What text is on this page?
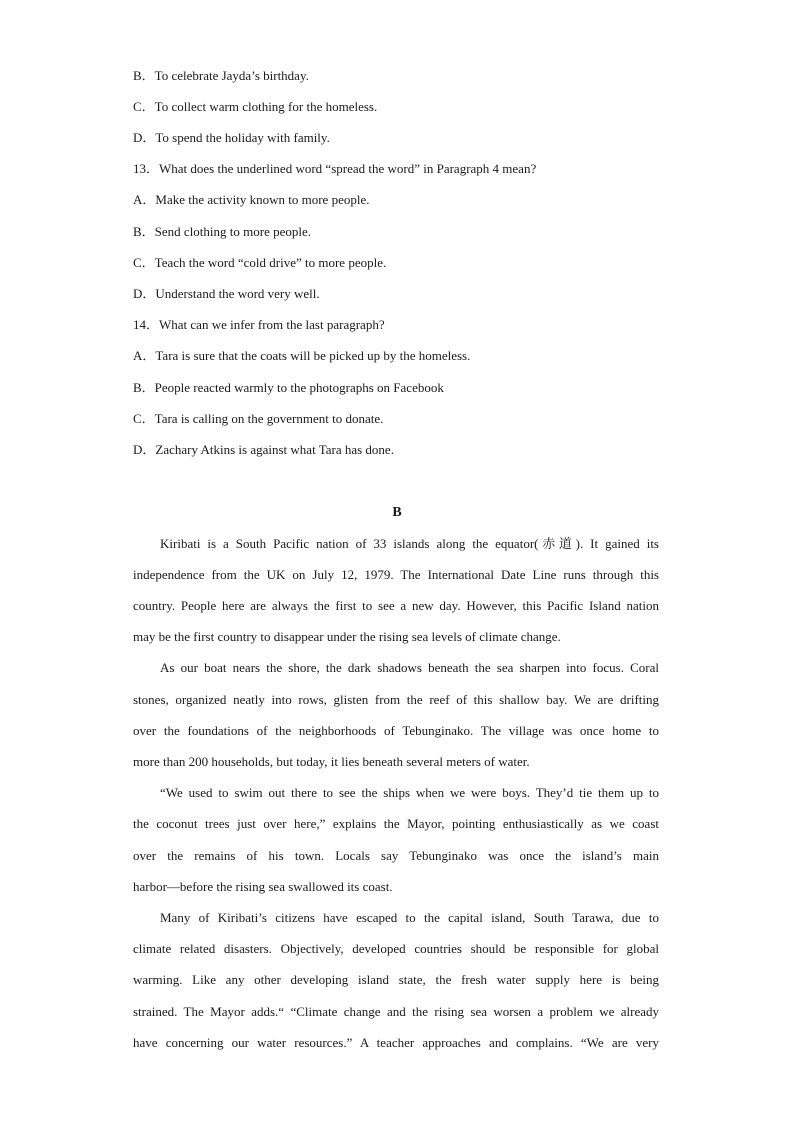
B．To celebrate Jayda’s birthday.
C．To collect warm clothing for the homeless.
D．To spend the holiday with family.
13．What does the underlined word “spread the word” in Paragraph 4 mean?
A．Make the activity known to more people.
B．Send clothing to more people.
C．Teach the word “cold drive” to more people.
D．Understand the word very well.
14．What can we infer from the last paragraph?
A．Tara is sure that the coats will be picked up by the homeless.
B．People reacted warmly to the photographs on Facebook
C．Tara is calling on the government to donate.
D．Zachary Atkins is against what Tara has done.
B
Kiribati is a South Pacific nation of 33 islands along the equator(赤道). It gained its
independence from the UK on July 12, 1979. The International Date Line runs through this
country. People here are always the first to see a new day. However, this Pacific Island nation
may be the first country to disappear under the rising sea levels of climate change.
As our boat nears the shore, the dark shadows beneath the sea sharpen into focus. Coral
stones, organized neatly into rows, glisten from the reef of this shallow bay. We are drifting
over the foundations of the neighborhoods of Tebunginako. The village was once home to
more than 200 households, but today, it lies beneath several meters of water.
“We used to swim out there to see the ships when we were boys. They’d tie them up to
the coconut trees just over here,” explains the Mayor, pointing enthusiastically as we coast
over the remains of his town. Locals say Tebunginako was once the island’s main
harbor—before the rising sea swallowed its coast.
Many of Kiribati’s citizens have escaped to the capital island, South Tarawa, due to
climate related disasters. Objectively, developed countries should be responsible for global
warming. Like any other developing island state, the fresh water supply here is being
strained. The Mayor adds.“ “Climate change and the rising sea worsen a problem we already
have concerning our water resources.” A teacher approaches and complains. “We are very
